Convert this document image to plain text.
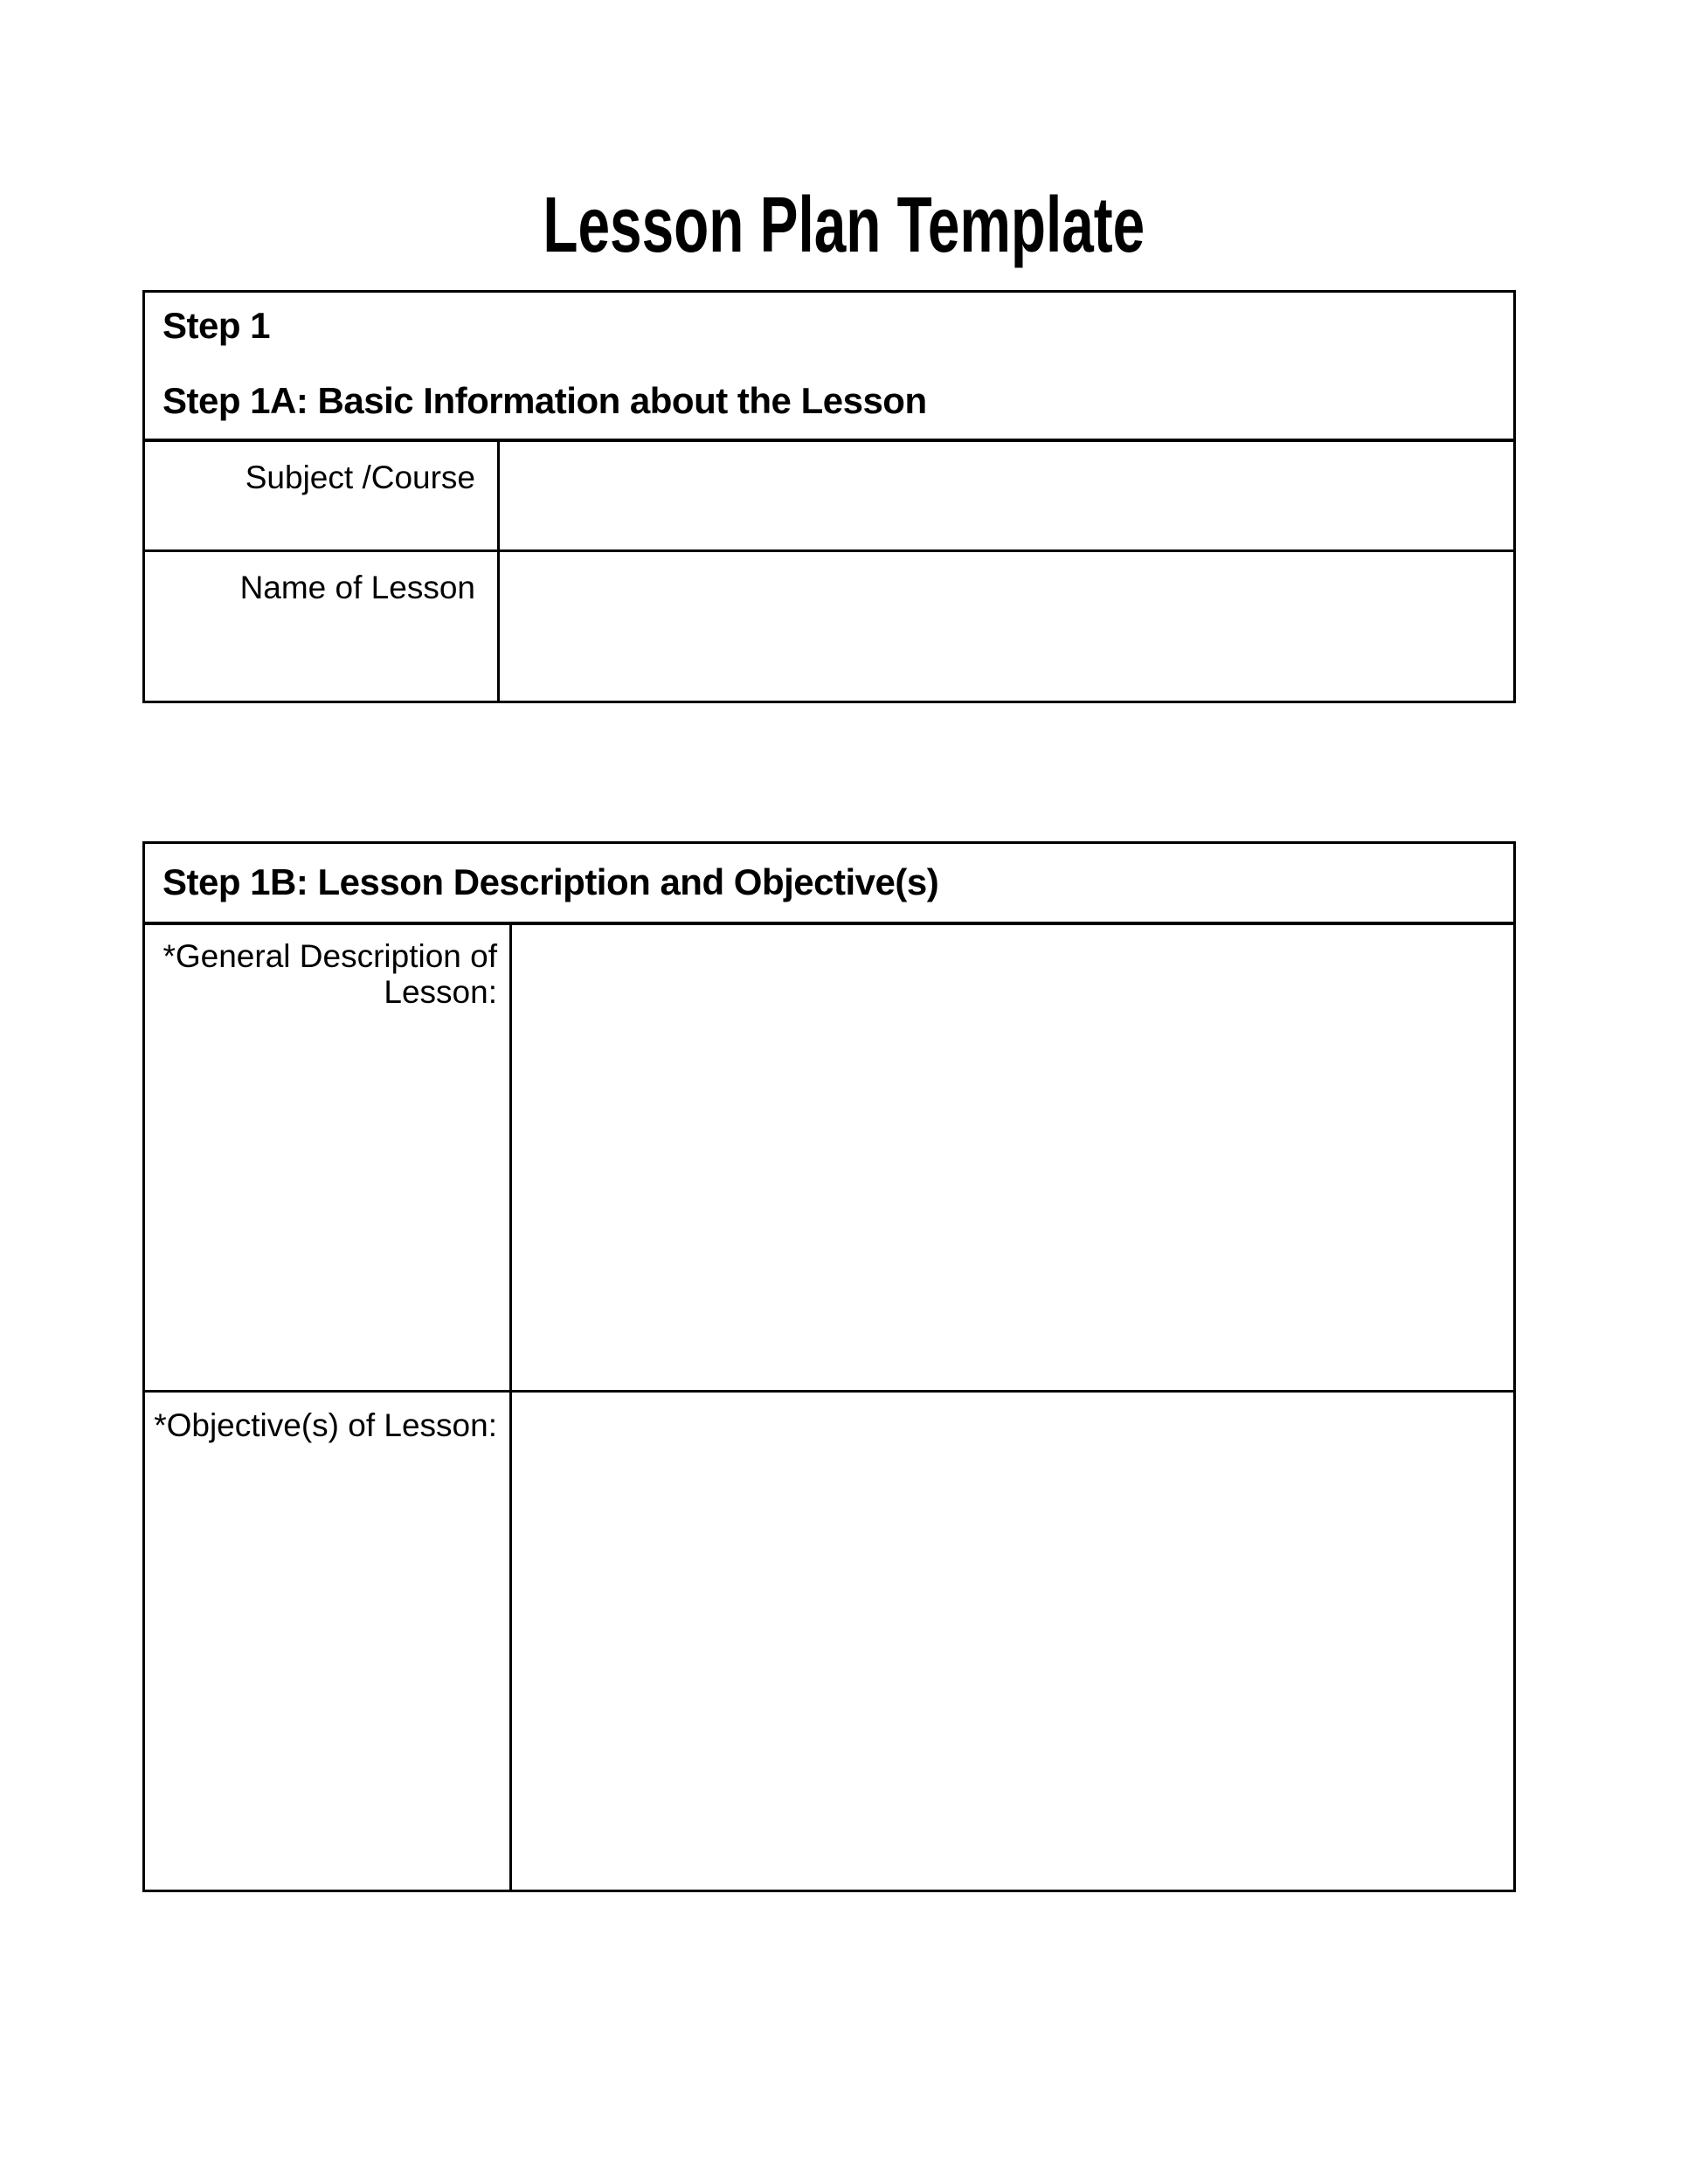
Lesson Plan Template
Step 1
Step 1A: Basic Information about the Lesson	

Subject /Course	
Name of Lesson	
Step 1B: Lesson Description and Objective(s)	

*General Description of
Lesson:	

*Objective(s) of Lesson:	
